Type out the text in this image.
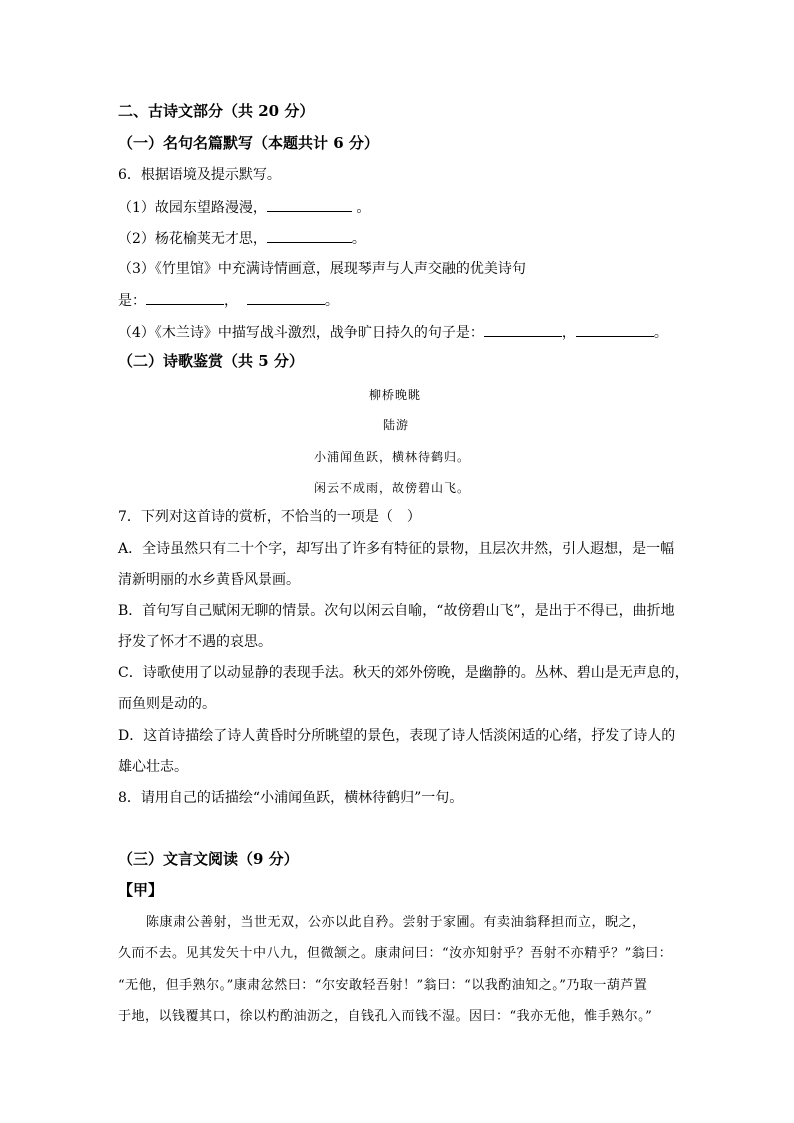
二、古诗文部分（共 20 分）
（一）名句名篇默写（本题共计 6 分）
6．根据语境及提示默写。
（1）故园东望路漫漫，	。
（2）杨花榆荚无才思，	。
（3）《竹里馆》中充满诗情画意，展现琴声与人声交融的优美诗句
是：	，	。
（4）《木兰诗》中描写战斗激烈，战争旷日持久的句子是：	，	。
（二）诗歌鉴赏（共 5 分）
柳桥晚眺
陆游
小浦闻鱼跃，横林待鹤归。
闲云不成雨，故傍碧山飞。
7．下列对这首诗的赏析，不恰当的一项是（　）
A．全诗虽然只有二十个字，却写出了许多有特征的景物，且层次井然，引人遐想，是一幅
清新明丽的水乡黄昏风景画。
B．首句写自己赋闲无聊的情景。次句以闲云自喻，“故傍碧山飞”，是出于不得已，曲折地
抒发了怀才不遇的哀思。
C．诗歌使用了以动显静的表现手法。秋天的郊外傍晚，是幽静的。丛林、碧山是无声息的，
而鱼则是动的。
D．这首诗描绘了诗人黄昏时分所眺望的景色，表现了诗人恬淡闲适的心绪，抒发了诗人的
雄心壮志。
8．请用自己的话描绘“小浦闻鱼跃，横林待鹤归”一句。
（三）文言文阅读（9 分）
【甲】
陈康肃公善射，当世无双，公亦以此自矜。尝射于家圃。有卖油翁释担而立，睨之，
久而不去。见其发矢十中八九，但微颔之。康肃问曰：“汝亦知射乎？吾射不亦精乎？”翁曰：
“无他，但手熟尔。”康肃忿然曰：“尔安敢轻吾射！”翁曰：“以我酌油知之。”乃取一葫芦置
于地，以钱覆其口，徐以杓酌油沥之，自钱孔入而钱不湿。因曰：“我亦无他，惟手熟尔。”
